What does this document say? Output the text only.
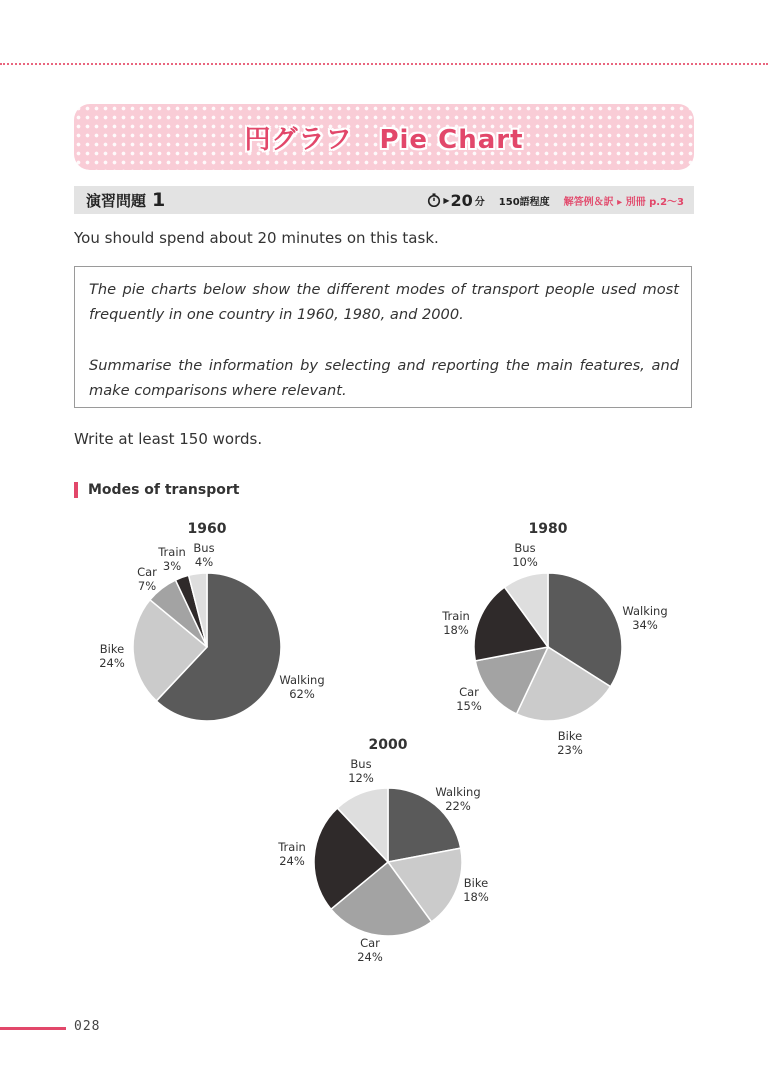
円グラフ　Pie Chart
演習問題 1	▶ 20 分 150語程度 解答例＆訳 ▸ 別冊 p.2〜3
You should spend about 20 minutes on this task.

The pie charts below show the different modes of transport people used most frequently in one country in 1960, 1980, and 2000.

Summarise the information by selecting and reporting the main features, and make comparisons where relevant.

Write at least 150 words.
Modes of transport
1960
Walking 62%
Bike 24%
Car 7%
Train 3%
Bus 4%
1980
Walking 34%
Bike 23%
Car 15%
Train 18%
Bus 10%
2000
Walking 22%
Bike 18%
Car 24%
Train 24%
Bus 12%
028
